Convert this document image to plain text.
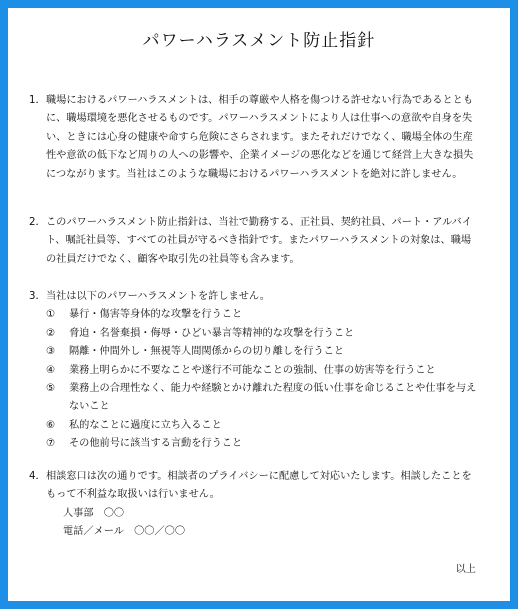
パワーハラスメント防止指針
1． 職場におけるパワーハラスメントは、相手の尊厳や人格を傷つける許せない行為であるとともに、職場環境を悪化させるものです。パワーハラスメントにより人は仕事への意欲や自身を失い、ときには心身の健康や命すら危険にさらされます。またそれだけでなく、職場全体の生産性や意欲の低下など周りの人への影響や、企業イメージの悪化などを通じて経営上大きな損失につながります。当社はこのような職場におけるパワーハラスメントを絶対に許しません。
2． このパワーハラスメント防止指針は、当社で勤務する、正社員、契約社員、パート・アルバイト、嘱託社員等、すべての社員が守るべき指針です。またパワーハラスメントの対象は、職場の社員だけでなく、顧客や取引先の社員等も含みます。
3． 当社は以下のパワーハラスメントを許しません。
① 暴行・傷害等身体的な攻撃を行うこと
② 脅迫・名誉棄損・侮辱・ひどい暴言等精神的な攻撃を行うこと
③ 隔離・仲間外し・無視等人間関係からの切り離しを行うこと
④ 業務上明らかに不要なことや遂行不可能なことの強制、仕事の妨害等を行うこと
⑤ 業務上の合理性なく、能力や経験とかけ離れた程度の低い仕事を命じることや仕事を与えないこと
⑥ 私的なことに過度に立ち入ること
⑦ その他前号に該当する言動を行うこと
4． 相談窓口は次の通りです。相談者のプライバシーに配慮して対応いたします。相談したことをもって不利益な取扱いは行いません。
人事部　〇〇
電話／メール　〇〇／〇〇
以上
